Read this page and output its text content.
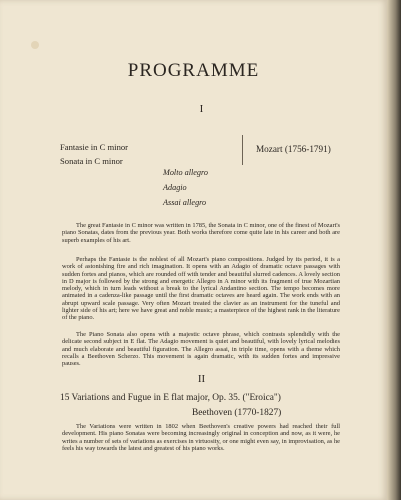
PROGRAMME
I
Fantasie in C minor
Sonata in C minor
Mozart (1756-1791)
Molto allegro
Adagio
Assai allegro

The great Fantasie in C minor was written in 1785, the Sonata in C minor, one of the finest of Mozart's piano Sonatas, dates from the previous year. Both works therefore come quite late in his career and both are superb examples of his art.

Perhaps the Fantasie is the noblest of all Mozart's piano compositions. Judged by its period, it is a work of astonishing fire and rich imagination. It opens with an Adagio of dramatic octave passages with sudden fortes and pianos, which are rounded off with tender and beautiful slurred cadences. A lovely section in D major is followed by the strong and energetic Allegro in A minor with its fragment of true Mozartian melody, which in turn leads without a break to the lyrical Andantino section. The tempo becomes more animated in a cadenza-like passage until the first dramatic octaves are heard again. The work ends with an abrupt upward scale passage. Very often Mozart treated the clavier as an instrument for the tuneful and lighter side of his art; here we have great and noble music; a masterpiece of the highest rank in the literature of the piano.

The Piano Sonata also opens with a majestic octave phrase, which contrasts splendidly with the delicate second subject in E flat. The Adagio movement is quiet and beautiful, with lovely lyrical melodies and much elaborate and beautiful figuration. The Allegro assai, in triple time, opens with a theme which recalls a Beethoven Scherzo. This movement is again dramatic, with its sudden fortes and impressive pauses.

II
15 Variations and Fugue in E flat major, Op. 35. ("Eroica")
Beethoven (1770-1827)

The Variations were written in 1802 when Beethoven's creative powers had reached their full development. His piano Sonatas were becoming increasingly original in conception and now, as it were, he writes a number of sets of variations as exercises in virtuosity, or one might even say, in improvisation, as he feels his way towards the latest and greatest of his piano works.
